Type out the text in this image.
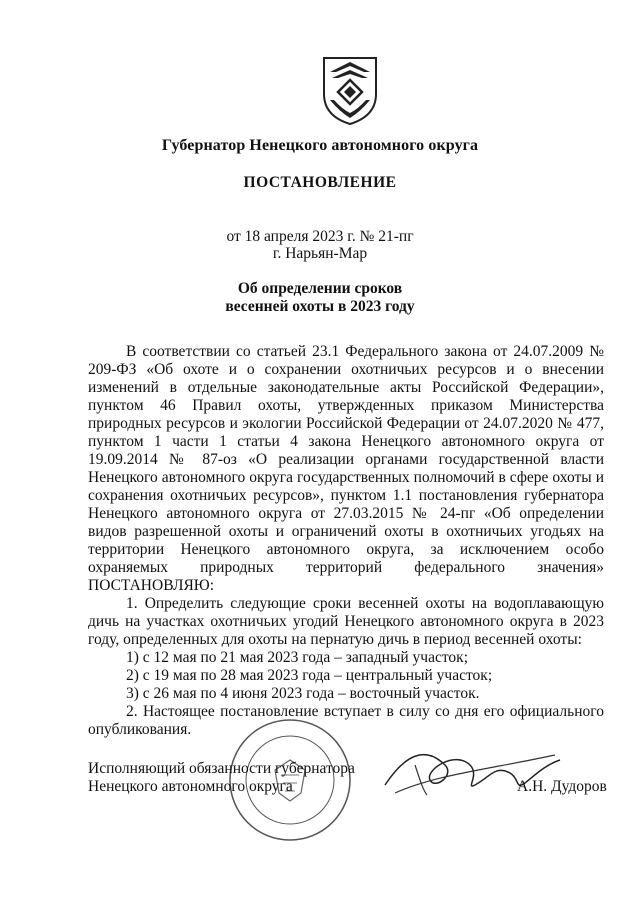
Губернатор Ненецкого автономного округа
ПОСТАНОВЛЕНИЕ
от 18 апреля 2023 г. № 21-пг
г. Нарьян-Мар
Об определении сроков
весенней охоты в 2023 году

В соответствии со статьей 23.1 Федерального закона от 24.07.2009 № 209-ФЗ «Об охоте и о сохранении охотничьих ресурсов и о внесении изменений в отдельные законодательные акты Российской Федерации», пунктом 46 Правил охоты, утвержденных приказом Министерства природных ресурсов и экологии Российской Федерации от 24.07.2020 № 477, пунктом 1 части 1 статьи 4 закона Ненецкого автономного округа от 19.09.2014 № 87-оз «О реализации органами государственной власти Ненецкого автономного округа государственных полномочий в сфере охоты и сохранения охотничьих ресурсов», пунктом 1.1 постановления губернатора Ненецкого автономного округа от 27.03.2015 № 24-пг «Об определении видов разрешенной охоты и ограничений охоты в охотничьих угодьях на территории Ненецкого автономного округа, за исключением особо охраняемых природных территорий федерального значения» ПОСТАНОВЛЯЮ:

1. Определить следующие сроки весенней охоты на водоплавающую дичь на участках охотничьих угодий Ненецкого автономного округа в 2023 году, определенных для охоты на пернатую дичь в период весенней охоты:

1) с 12 мая по 21 мая 2023 года – западный участок;

2) с 19 мая по 28 мая 2023 года – центральный участок;

3) с 26 мая по 4 июня 2023 года – восточный участок.

2. Настоящее постановление вступает в силу со дня его официального опубликования.

Исполняющий обязанности губернатора
Ненецкого автономного округа	А.Н. Дудоров
